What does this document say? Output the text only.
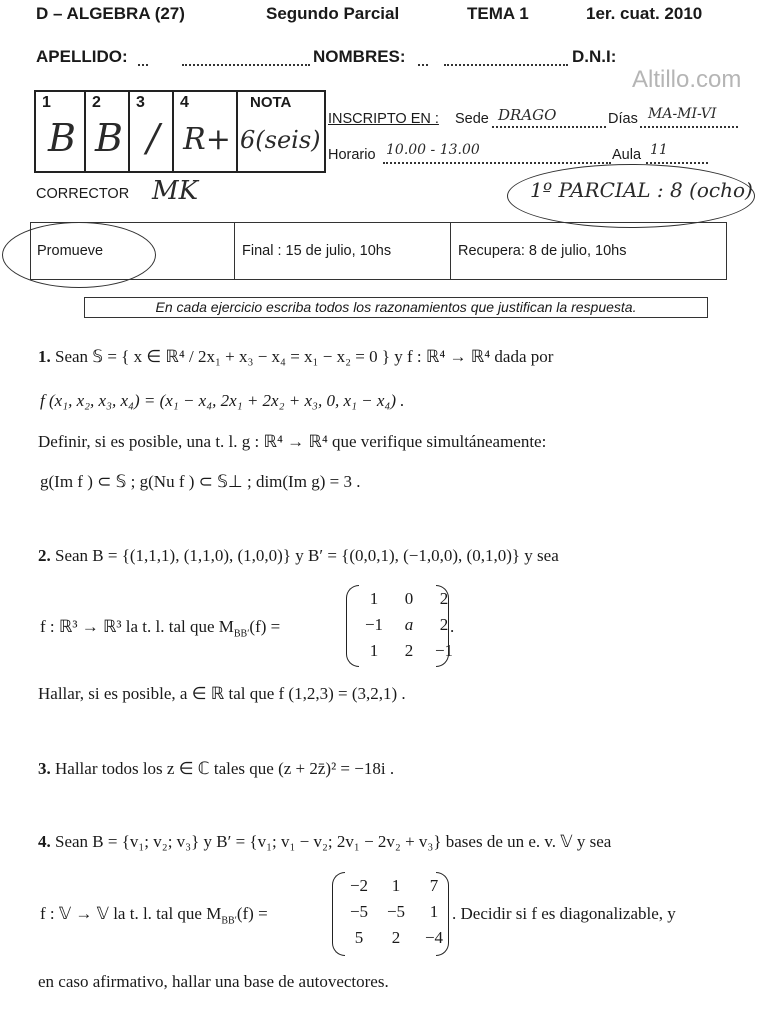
D – ALGEBRA (27)	Segundo Parcial	TEMA 1	1er. cuat. 2010
APELLIDO:	NOMBRES:	D.N.I:
Altillo.com
1
B
2
B
3
/
4
R+
NOTA
6(seis)
INSCRIPTO EN : Sede DRAGO	Días MA-MI-VI
Horario 10.00 - 13.00	Aula 11
CORRECTOR MK	1º PARCIAL : 8 (ocho)
Promueve	Final : 15 de julio, 10hs	Recupera: 8 de julio, 10hs
En cada ejercicio escriba todos los razonamientos que justifican la respuesta.
1. Sean 𝕊 = { x ∈ ℝ⁴ / 2x₁ + x₃ − x₄ = x₁ − x₂ = 0 } y f : ℝ⁴ → ℝ⁴ dada por
f (x₁, x₂, x₃, x₄) = (x₁ − x₄, 2x₁ + 2x₂ + x₃, 0, x₁ − x₄) .
Definir, si es posible, una t. l. g : ℝ⁴ → ℝ⁴ que verifique simultáneamente:
g(Im f ) ⊂ 𝕊 ; g(Nu f ) ⊂ 𝕊⊥ ; dim(Im g) = 3 .
2. Sean B = {(1,1,1), (1,1,0), (1,0,0)} y B′ = {(0,0,1), (−1,0,0), (0,1,0)} y sea
f : ℝ³ → ℝ³ la t. l. tal que $M_{BB'}(f)$ =
1	0	2
−1	a	2
1	2	−1
.
Hallar, si es posible, a ∈ ℝ tal que f (1,2,3) = (3,2,1) .
3. Hallar todos los z ∈ ℂ tales que (z + 2z̄)² = −18i .
4. Sean B = {v₁; v₂; v₃} y B′ = {v₁; v₁ − v₂; 2v₁ − 2v₂ + v₃} bases de un e. v. 𝕍 y sea
f : 𝕍 → 𝕍 la t. l. tal que $M_{BB'}(f)$ =
−2	1	7
−5	−5	1
5	2	−4
. Decidir si f es diagonalizable, y
en caso afirmativo, hallar una base de autovectores.
